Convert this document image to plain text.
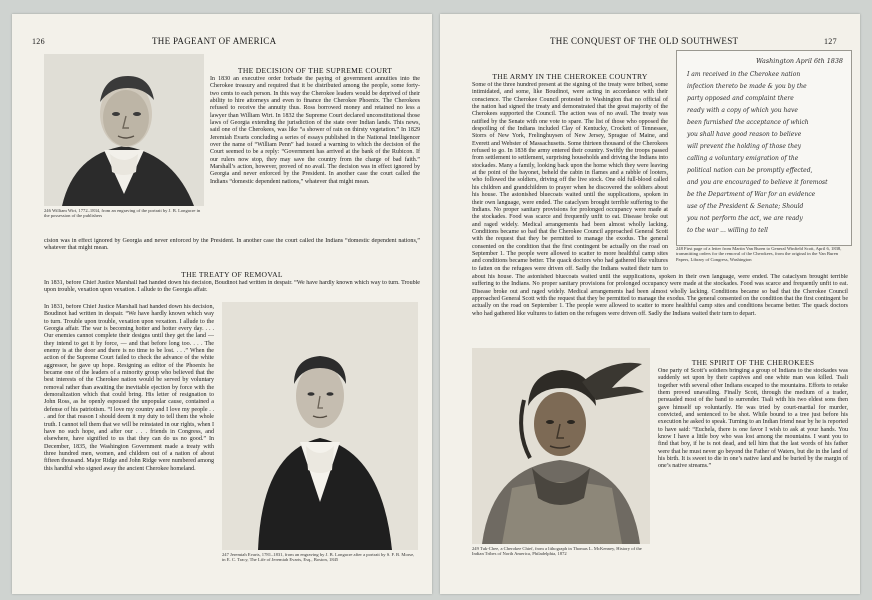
126	THE PAGEANT OF AMERICA
246 William Wirt, 1772–1834, from an engraving of the portrait by J. B. Longacre in the possession of the publishers
THE DECISION OF THE SUPREME COURT
In 1830 an executive order forbade the paying of government annuities into the Cherokee treasury and required that it be distributed among the people, some forty-two cents to each person. In this way the Cherokee leaders would be deprived of their ability to hire attorneys and even to finance the Cherokee Phoenix. The Cherokees refused to receive the annuity thus. Ross borrowed money and retained no less a lawyer than William Wirt. In 1832 the Supreme Court declared unconstitutional those laws of Georgia extending the jurisdiction of the state over Indian lands. This news, said one of the Cherokees, was like “a shower of rain on thirsty vegetation.” In 1829 Jeremiah Evarts concluding a series of essays published in the National Intelligencer over the name of “William Penn” had issued a warning to which the decision of the Court seemed to be a reply: “Government has arrived at the bank of the Rubicon. If our rulers now stop, they may save the country from the charge of bad faith.” Marshall’s action, however, proved of no avail. The decision was in effect ignored by Georgia and never enforced by the President. In another case the court called the Indians “domestic dependent nations,” whatever that might mean.
cision was in effect ignored by Georgia and never enforced by the President. In another case the court called the Indians “domestic dependent nations,” whatever that might mean.
THE TREATY OF REMOVAL
In 1831, before Chief Justice Marshall had handed down his decision, Boudinot had written in despair. “We have hardly known which way to turn. Trouble upon trouble, vexation upon vexation. I allude to the Georgia affair.
In 1831, before Chief Justice Marshall had handed down his decision, Boudinot had written in despair. “We have hardly known which way to turn. Trouble upon trouble, vexation upon vexation. I allude to the Georgia affair. The war is becoming hotter and hotter every day. . . . Our enemies cannot complete their designs until they get the land — they intend to get it by force, — and that before long too. . . . The enemy is at the door and there is no time to be lost. . . .” When the action of the Supreme Court failed to check the advance of the white aggressor, he gave up hope. Resigning as editor of the Phoenix he became one of the leaders of a minority group who believed that the best interests of the Cherokee nation would be served by voluntary removal rather than awaiting the inevitable ejection by force with the demoralization which that could bring. His letter of resignation to John Ross, as he openly espoused the unpopular cause, contained a defense of his patriotism. “I love my country and I love my people . . . and for that reason I should deem it my duty to tell them the whole truth. I cannot tell them that we will be reinstated in our rights, when I have no such hope, and after our . . . friends in Congress, and elsewhere, have signified to us that they can do us no good.” In December, 1835, the Washington Government made a treaty with three hundred men, women, and children out of a nation of about fifteen thousand. Major Ridge and John Ridge were numbered among this handful who signed away the ancient Cherokee homeland.
247 Jeremiah Evarts, 1781–1831, from an engraving by J. B. Longacre after a portrait by S. F. B. Morse, in E. C. Tracy, The Life of Jeremiah Evarts, Esq., Boston, 1845
THE CONQUEST OF THE OLD SOUTHWEST	127
THE ARMY IN THE CHEROKEE COUNTRY
Some of the three hundred present at the signing of the treaty were bribed, some intimidated, and some, like Boudinot, were acting in accordance with their conscience. The Cherokee Council protested to Washington that no official of the nation had signed the treaty and demonstrated that the great majority of the Cherokees supported the Council. The action was of no avail. The treaty was ratified by the Senate with one vote to spare. The list of those who opposed the despoiling of the Indians included Clay of Kentucky, Crockett of Tennessee, Storrs of New York, Frelinghuysen of New Jersey, Sprague of Maine, and Everett and Webster of Massachusetts. Some thirteen thousand of the Cherokees refused to go. In 1838 the army entered their country. Swiftly the troops passed from settlement to settlement, surprising households and driving the Indians into stockades. Many a family, looking back upon the home which they were leaving at the point of the bayonet, beheld the cabin in flames and a rabble of looters, who followed the soldiers, driving off the live stock. One old full-blood called his children and grandchildren to prayer when he discovered the soldiers about his house. The astonished bluecoats waited until the supplications, spoken in their own language, were ended. The cataclysm brought terrible suffering to the Indians. No proper sanitary provisions for prolonged occupancy were made at the stockades. Food was scarce and frequently unfit to eat. Disease broke out and raged widely. Medical arrangements had been almost wholly lacking. Conditions became so bad that the Cherokee Council approached General Scott with the request that they be permitted to manage the exodus. The general consented on the condition that the first contingent be actually on the road on September 1. The people were allowed to scatter to more healthful camp sites and conditions became better. The quack doctors who had gathered like vultures to fatten on the refugees were driven off. Sadly the Indians waited their turn to
about his house. The astonished bluecoats waited until the supplications, spoken in their own language, were ended. The cataclysm brought terrible suffering to the Indians. No proper sanitary provisions for prolonged occupancy were made at the stockades. Food was scarce and frequently unfit to eat. Disease broke out and raged widely. Medical arrangements had been almost wholly lacking. Conditions became so bad that the Cherokee Council approached General Scott with the request that they be permitted to manage the exodus. The general consented on the condition that the first contingent be actually on the road on September 1. The people were allowed to scatter to more healthful camp sites and conditions became better. The quack doctors who had gathered like vultures to fatten on the refugees were driven off. Sadly the Indians waited their turn to depart.
Washington April 6th 1838
I am received in the Cherokee nation
infection thereto be made & you by the
party opposed and complaint there
ready with a copy of which you have
been furnished the acceptance of which
you shall have good reason to believe
will prevent the holding of those they
calling a voluntary emigration of the
political nation can be promptly effected,
and you are encouraged to believe it foremost
be the Department of War for an evidence
use of the President & Senate; Should
you not perform the act, we are ready
to the war ... willing to tell
248 First page of a letter from Martin Van Buren to General Winfield Scott, April 6, 1838, transmitting orders for the removal of the Cherokees, from the original in the Van Buren Papers, Library of Congress, Washington
249 Tuk-Chee, a Cherokee Chief, from a lithograph in Thomas L. McKenney, History of the Indian Tribes of North America, Philadelphia, 1872
THE SPIRIT OF THE CHEROKEES
One party of Scott’s soldiers bringing a group of Indians to the stockades was suddenly set upon by their captives and one white man was killed. Tsali together with several other Indians escaped to the mountains. Efforts to retake them proved unavailing. Finally Scott, through the medium of a trader, persuaded most of the band to surrender. Tsali with his two eldest sons then gave himself up voluntarily. He was tried by court-martial for murder, convicted, and sentenced to be shot. While bound to a tree just before his execution he asked to speak. Turning to an Indian friend near by he is reported to have said: “Euchela, there is one favor I wish to ask at your hands. You know I have a little boy who was lost among the mountains. I want you to find that boy, if he is not dead, and tell him that the last words of his father were that he must never go beyond the Father of Waters, but die in the land of his birth. It is sweet to die in one’s native land and be buried by the margin of one’s native streams.”
